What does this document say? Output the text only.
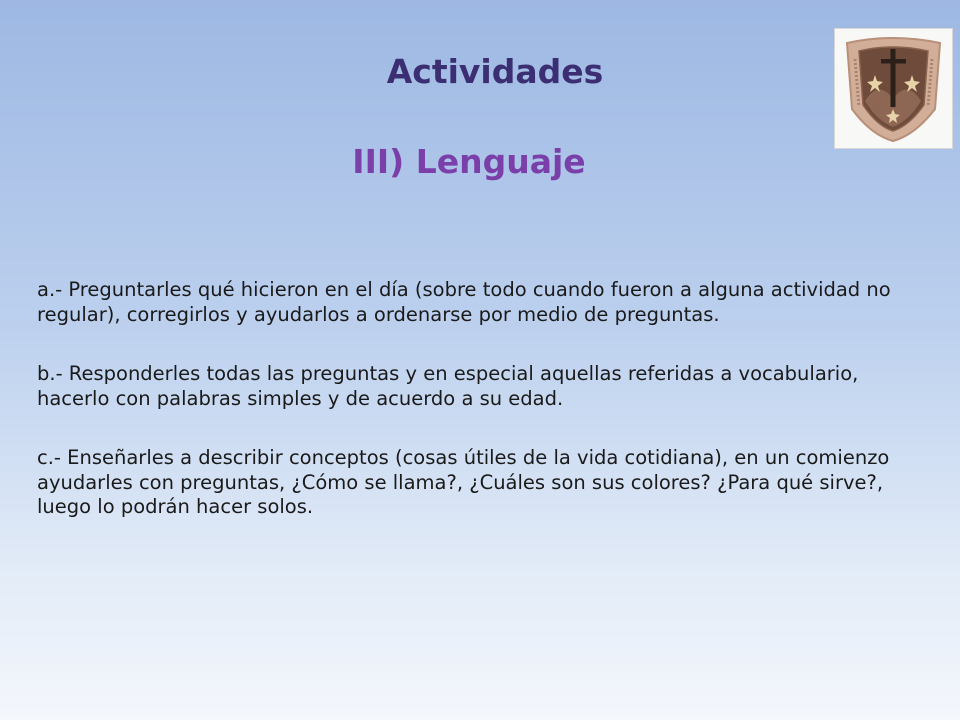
Actividades
III) Lenguaje

a.- Preguntarles qué hicieron en el día (sobre todo cuando fueron a alguna actividad no regular), corregirlos y ayudarlos a ordenarse por medio de preguntas.

b.- Responderles todas las preguntas y en especial aquellas referidas a vocabulario, hacerlo con palabras simples y de acuerdo a su edad.

c.- Enseñarles a describir conceptos (cosas útiles de la vida cotidiana), en un comienzo ayudarles con preguntas, ¿Cómo se llama?, ¿Cuáles son sus colores? ¿Para qué sirve?, luego lo podrán hacer solos.
